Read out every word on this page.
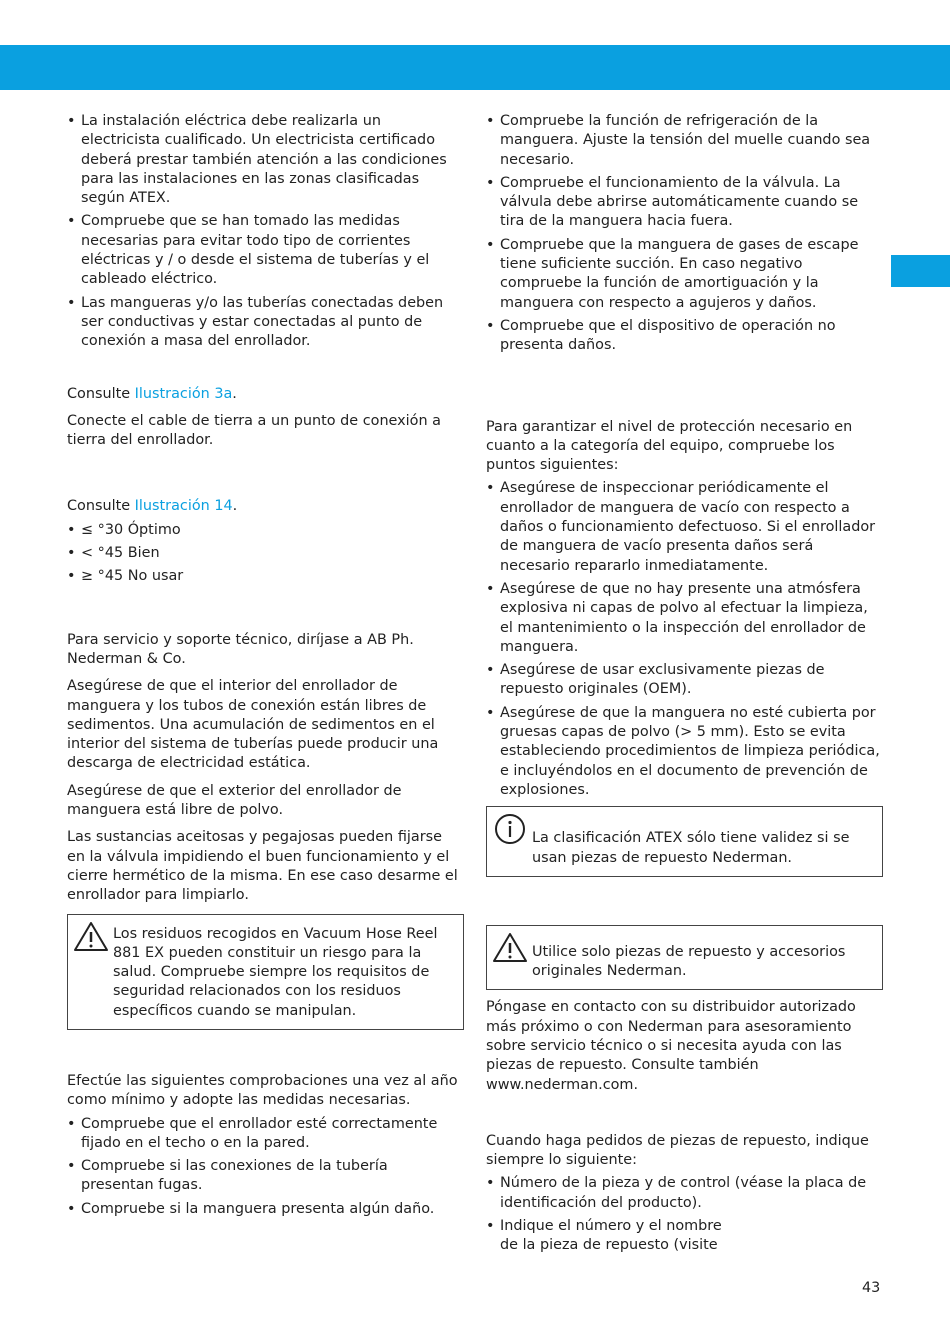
• La instalación eléctrica debe realizarla un electricista cualificado. Un electricista certificado deberá prestar también atención a las condiciones para las instalaciones en las zonas clasificadas según ATEX.
• Compruebe que se han tomado las medidas necesarias para evitar todo tipo de corrientes eléctricas y / o desde el sistema de tuberías y el cableado eléctrico.
• Las mangueras y/o las tuberías conectadas deben ser conductivas y estar conectadas al punto de conexión a masa del enrollador.

Consulte Ilustración 3a.

Conecte el cable de tierra a un punto de conexión a tierra del enrollador.

Consulte Ilustración 14.

• ≤ °30 Óptimo
• < °45 Bien
• ≥ °45 No usar

Para servicio y soporte técnico, diríjase a AB Ph. Nederman & Co.

Asegúrese de que el interior del enrollador de manguera y los tubos de conexión están libres de sedimentos. Una acumulación de sedimentos en el interior del sistema de tuberías puede producir una descarga de electricidad estática.

Asegúrese de que el exterior del enrollador de manguera está libre de polvo.

Las sustancias aceitosas y pegajosas pueden fijarse en la válvula impidiendo el buen funcionamiento y el cierre hermético de la misma. En ese caso desarme el enrollador para limpiarlo.

Los residuos recogidos en Vacuum Hose Reel 881 EX pueden constituir un riesgo para la salud. Compruebe siempre los requisitos de seguridad relacionados con los residuos específicos cuando se manipulan.

Efectúe las siguientes comprobaciones una vez al año como mínimo y adopte las medidas necesarias.

• Compruebe que el enrollador esté correctamente fijado en el techo o en la pared.
• Compruebe si las conexiones de la tubería presentan fugas.
• Compruebe si la manguera presenta algún daño.
• Compruebe la función de refrigeración de la manguera. Ajuste la tensión del muelle cuando sea necesario.
• Compruebe el funcionamiento de la válvula. La válvula debe abrirse automáticamente cuando se tira de la manguera hacia fuera.
• Compruebe que la manguera de gases de escape tiene suficiente succión. En caso negativo compruebe la función de amortiguación y la manguera con respecto a agujeros y daños.
• Compruebe que el dispositivo de operación no presenta daños.

Para garantizar el nivel de protección necesario en cuanto a la categoría del equipo, compruebe los puntos siguientes:

• Asegúrese de inspeccionar periódicamente el enrollador de manguera de vacío con respecto a daños o funcionamiento defectuoso. Si el enrollador de manguera de vacío presenta daños será necesario repararlo inmediatamente.
• Asegúrese de que no hay presente una atmósfera explosiva ni capas de polvo al efectuar la limpieza, el mantenimiento o la inspección del enrollador de manguera.
• Asegúrese de usar exclusivamente piezas de repuesto originales (OEM).
• Asegúrese de que la manguera no esté cubierta por gruesas capas de polvo (> 5 mm). Esto se evita estableciendo procedimientos de limpieza periódica, e incluyéndolos en el documento de prevención de explosiones.
La clasificación ATEX sólo tiene validez si se usan piezas de repuesto Nederman.
Utilice solo piezas de repuesto y accesorios originales Nederman.

Póngase en contacto con su distribuidor autorizado más próximo o con Nederman para asesoramiento sobre servicio técnico o si necesita ayuda con las piezas de repuesto. Consulte también www.nederman.com.

Cuando haga pedidos de piezas de repuesto, indique siempre lo siguiente:

• Número de la pieza y de control (véase la placa de identificación del producto).
• Indique el número y el nombre de la pieza de repuesto (visite
43
